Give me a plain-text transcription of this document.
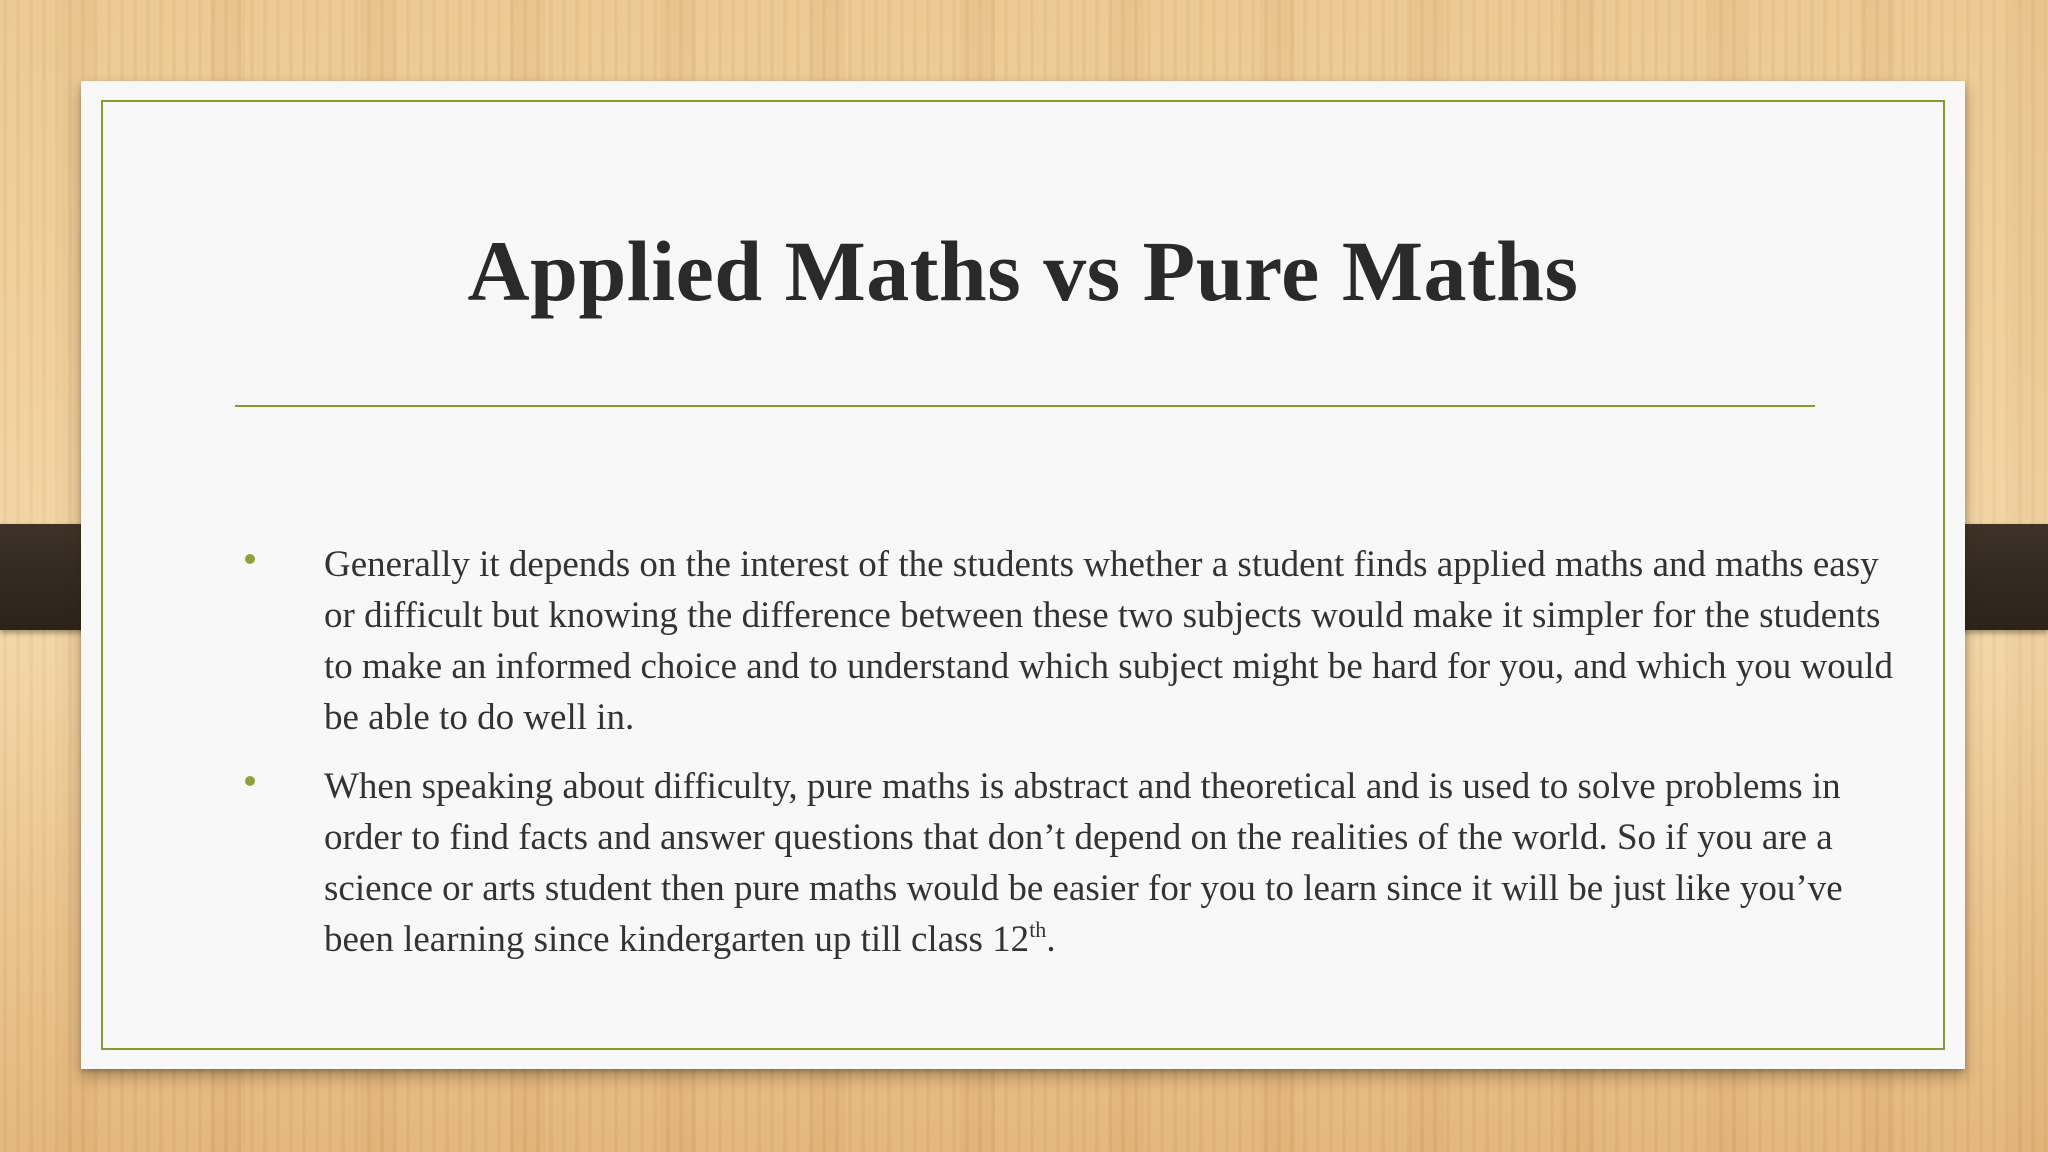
Applied Maths vs Pure Maths
Generally it depends on the interest of the students whether a student finds applied maths and maths easy or difficult but knowing the difference between these two subjects would make it simpler for the students to make an informed choice and to understand which subject might be hard for you, and which you would be able to do well in.
When speaking about difficulty, pure maths is abstract and theoretical and is used to solve problems in order to find facts and answer questions that don’t depend on the realities of the world. So if you are a science or arts student then pure maths would be easier for you to learn since it will be just like you’ve been learning since kindergarten up till class 12th.
